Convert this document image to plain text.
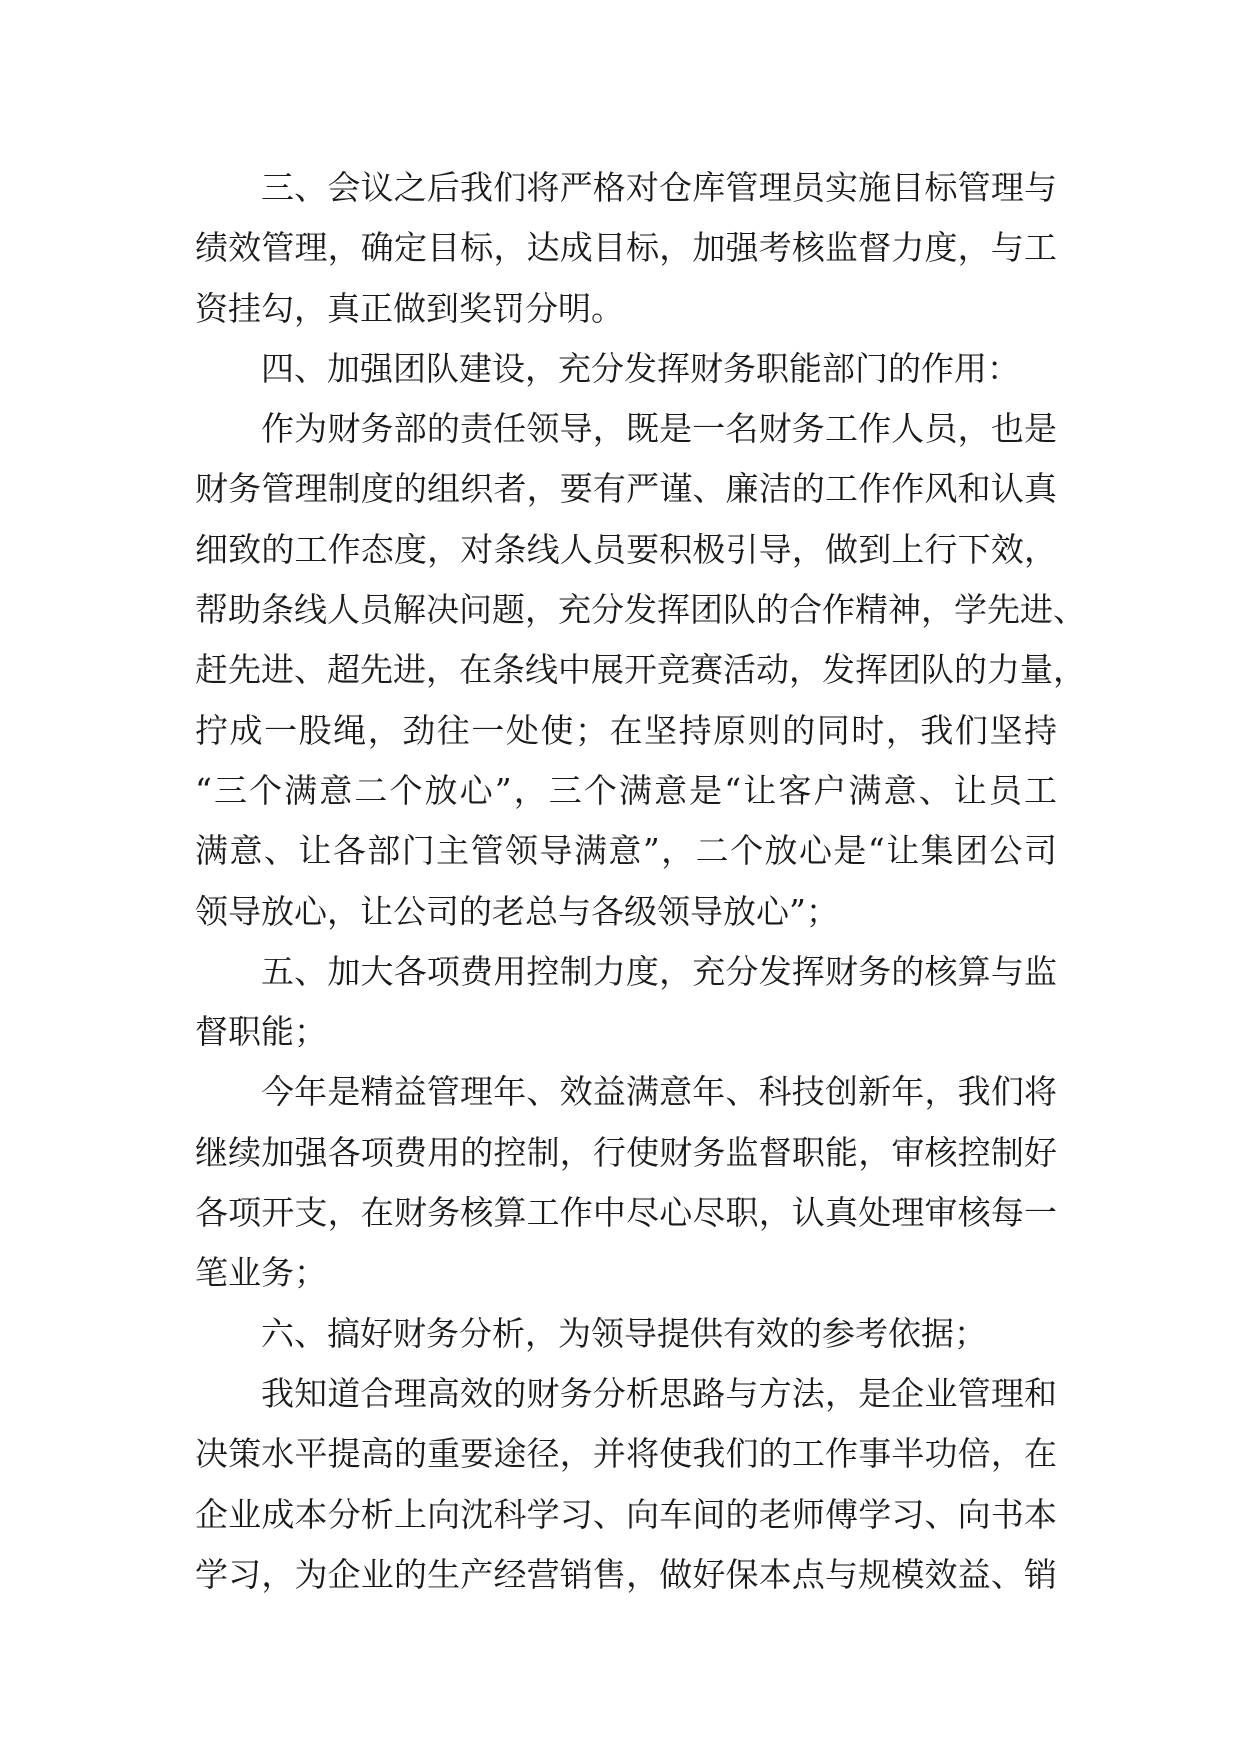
三、会议之后我们将严格对仓库管理员实施目标管理与
绩效管理，确定目标，达成目标，加强考核监督力度，与工
资挂勾，真正做到奖罚分明。
四、加强团队建设，充分发挥财务职能部门的作用：
作为财务部的责任领导，既是一名财务工作人员，也是
财务管理制度的组织者，要有严谨、廉洁的工作作风和认真
细致的工作态度，对条线人员要积极引导，做到上行下效，
帮助条线人员解决问题，充分发挥团队的合作精神，学先进、
赶先进、超先进，在条线中展开竞赛活动，发挥团队的力量，
拧成一股绳，劲往一处使；在坚持原则的同时，我们坚持
“三个满意二个放心”，三个满意是“让客户满意、让员工
满意、让各部门主管领导满意”，二个放心是“让集团公司
领导放心，让公司的老总与各级领导放心”；
五、加大各项费用控制力度，充分发挥财务的核算与监
督职能；
今年是精益管理年、效益满意年、科技创新年，我们将
继续加强各项费用的控制，行使财务监督职能，审核控制好
各项开支，在财务核算工作中尽心尽职，认真处理审核每一
笔业务；
六、搞好财务分析，为领导提供有效的参考依据；
我知道合理高效的财务分析思路与方法，是企业管理和
决策水平提高的重要途径，并将使我们的工作事半功倍，在
企业成本分析上向沈科学习、向车间的老师傅学习、向书本
学习，为企业的生产经营销售，做好保本点与规模效益、销
